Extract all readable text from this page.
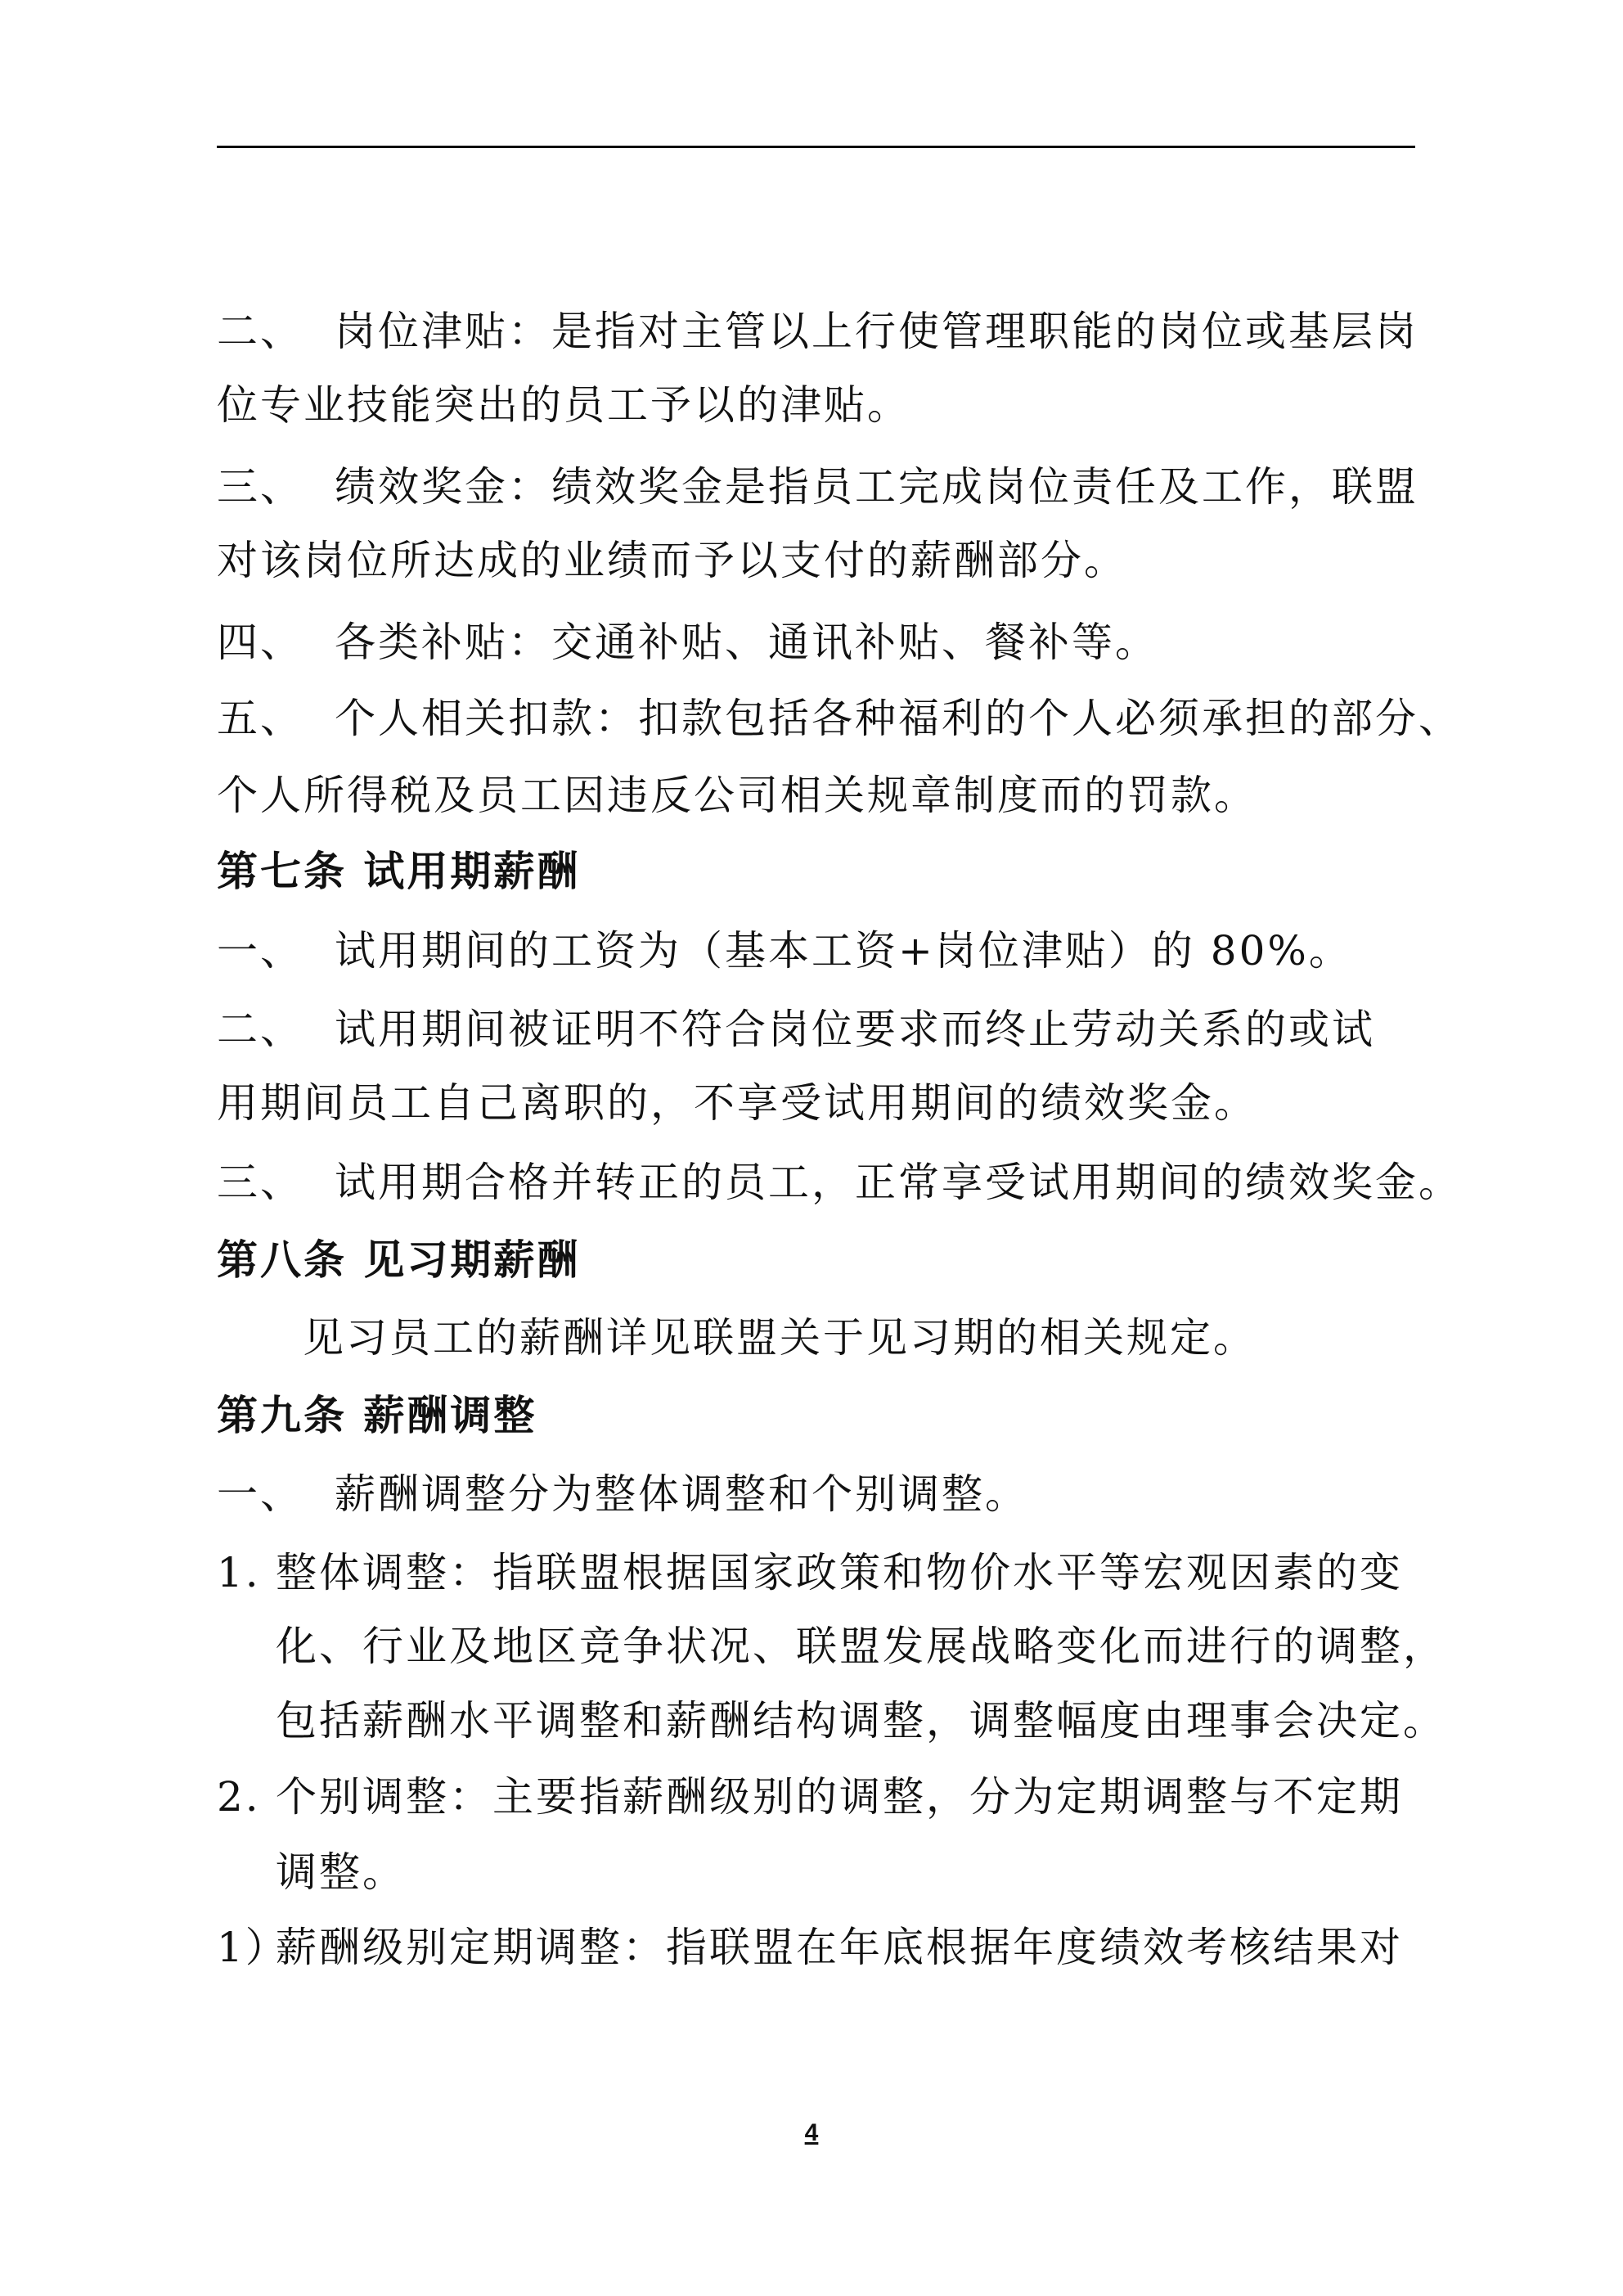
二、 岗位津贴：是指对主管以上行使管理职能的岗位或基层岗
位专业技能突出的员工予以的津贴。
三、 绩效奖金：绩效奖金是指员工完成岗位责任及工作，联盟
对该岗位所达成的业绩而予以支付的薪酬部分。
四、 各类补贴：交通补贴、通讯补贴、餐补等。
五、 个人相关扣款：扣款包括各种福利的个人必须承担的部分、
个人所得税及员工因违反公司相关规章制度而的罚款。
第七条 试用期薪酬
一、 试用期间的工资为（基本工资+岗位津贴）的 80%。
二、 试用期间被证明不符合岗位要求而终止劳动关系的或试
用期间员工自己离职的，不享受试用期间的绩效奖金。
三、 试用期合格并转正的员工，正常享受试用期间的绩效奖金。
第八条 见习期薪酬
见习员工的薪酬详见联盟关于见习期的相关规定。
第九条 薪酬调整
一、 薪酬调整分为整体调整和个别调整。
1. 整体调整：指联盟根据国家政策和物价水平等宏观因素的变
化、行业及地区竞争状况、联盟发展战略变化而进行的调整，
包括薪酬水平调整和薪酬结构调整，调整幅度由理事会决定。
2. 个别调整：主要指薪酬级别的调整，分为定期调整与不定期
调整。
1）薪酬级别定期调整：指联盟在年底根据年度绩效考核结果对
4
